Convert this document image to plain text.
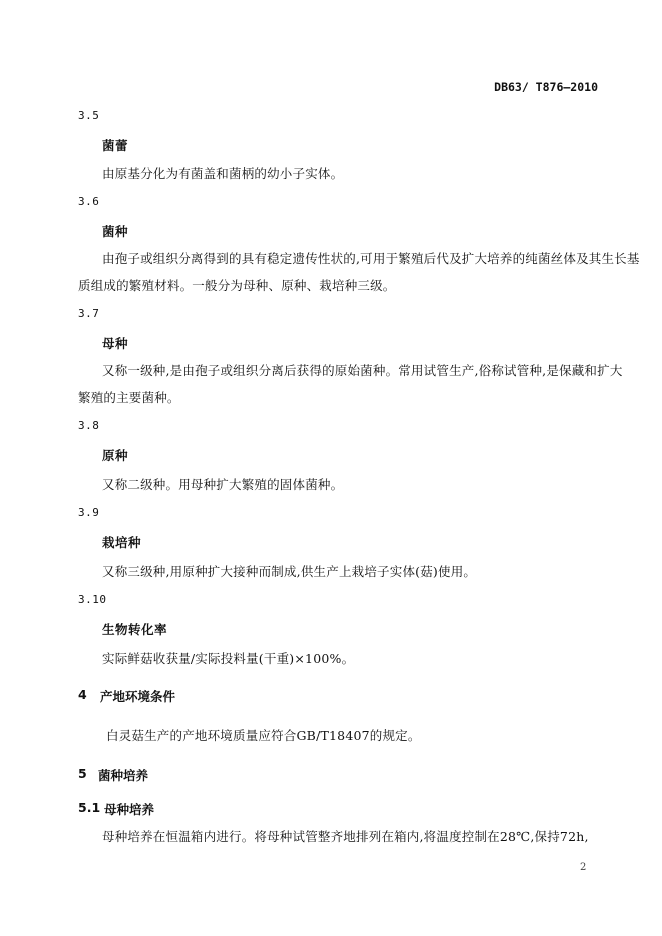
DB63/ T876—2010
3.5
菌蕾
由原基分化为有菌盖和菌柄的幼小子实体。
3.6
菌种
由孢子或组织分离得到的具有稳定遗传性状的,可用于繁殖后代及扩大培养的纯菌丝体及其生长基
质组成的繁殖材料。一般分为母种、原种、栽培种三级。
3.7
母种
又称一级种,是由孢子或组织分离后获得的原始菌种。常用试管生产,俗称试管种,是保藏和扩大
繁殖的主要菌种。
3.8
原种
又称二级种。用母种扩大繁殖的固体菌种。
3.9
栽培种
又称三级种,用原种扩大接种而制成,供生产上栽培子实体(菇)使用。
3.10
生物转化率
实际鲜菇收获量/实际投料量(干重)×100%。
4 产地环境条件
白灵菇生产的产地环境质量应符合GB/T18407的规定。
5 菌种培养
5.1 母种培养
母种培养在恒温箱内进行。将母种试管整齐地排列在箱内,将温度控制在28℃,保持72h,
2
